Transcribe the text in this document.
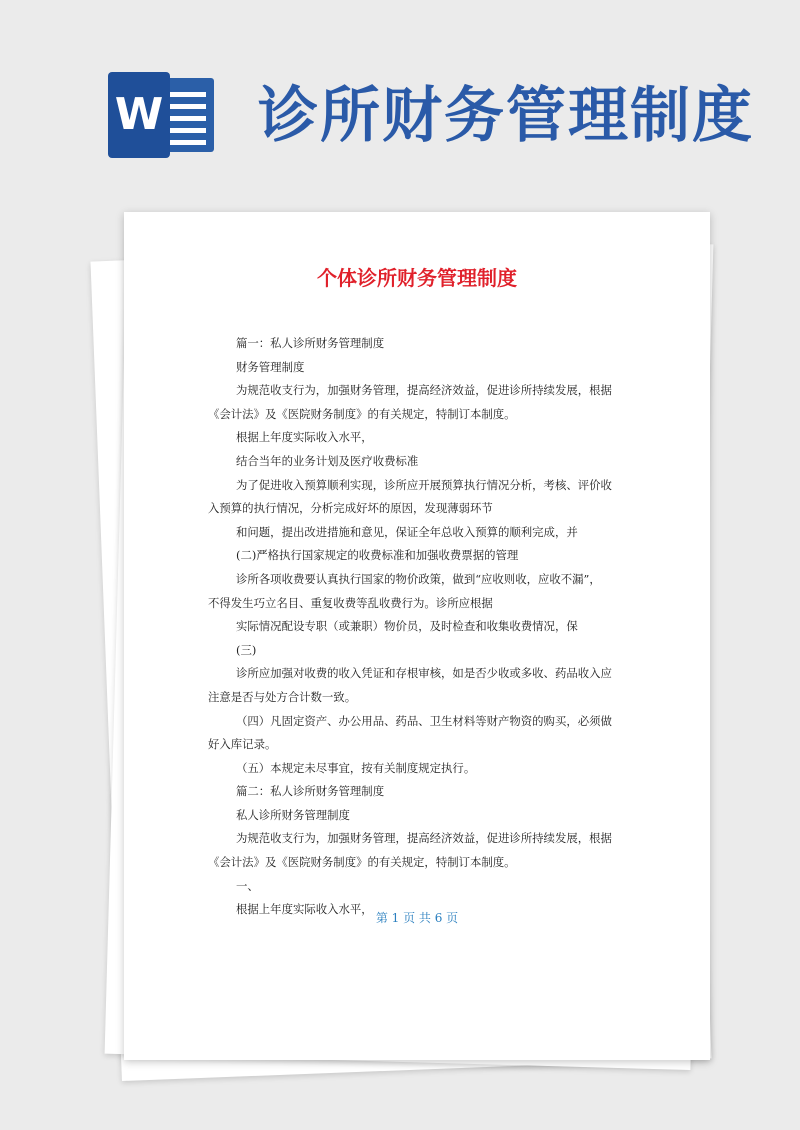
W 诊所财务管理制度
个体诊所财务管理制度

篇一：私人诊所财务管理制度

财务管理制度

为规范收支行为，加强财务管理，提高经济效益，促进诊所持续发展，根据

《会计法》及《医院财务制度》的有关规定，特制订本制度。

根据上年度实际收入水平，

结合当年的业务计划及医疗收费标准

为了促进收入预算顺利实现，诊所应开展预算执行情况分析，考核、评价收

入预算的执行情况，分析完成好坏的原因，发现薄弱环节

和问题，提出改进措施和意见，保证全年总收入预算的顺利完成，并

(二)严格执行国家规定的收费标准和加强收费票据的管理

诊所各项收费要认真执行国家的物价政策，做到“应收则收，应收不漏”，

不得发生巧立名目、重复收费等乱收费行为。诊所应根据

实际情况配设专职（或兼职）物价员，及时检查和收集收费情况，保

(三)

诊所应加强对收费的收入凭证和存根审核，如是否少收或多收、药品收入应

注意是否与处方合计数一致。

（四）凡固定资产、办公用品、药品、卫生材料等财产物资的购买，必须做

好入库记录。

（五）本规定未尽事宜，按有关制度规定执行。

篇二：私人诊所财务管理制度

私人诊所财务管理制度

为规范收支行为，加强财务管理，提高经济效益，促进诊所持续发展，根据

《会计法》及《医院财务制度》的有关规定，特制订本制度。

一、

根据上年度实际收入水平，

第 1 页 共 6 页
